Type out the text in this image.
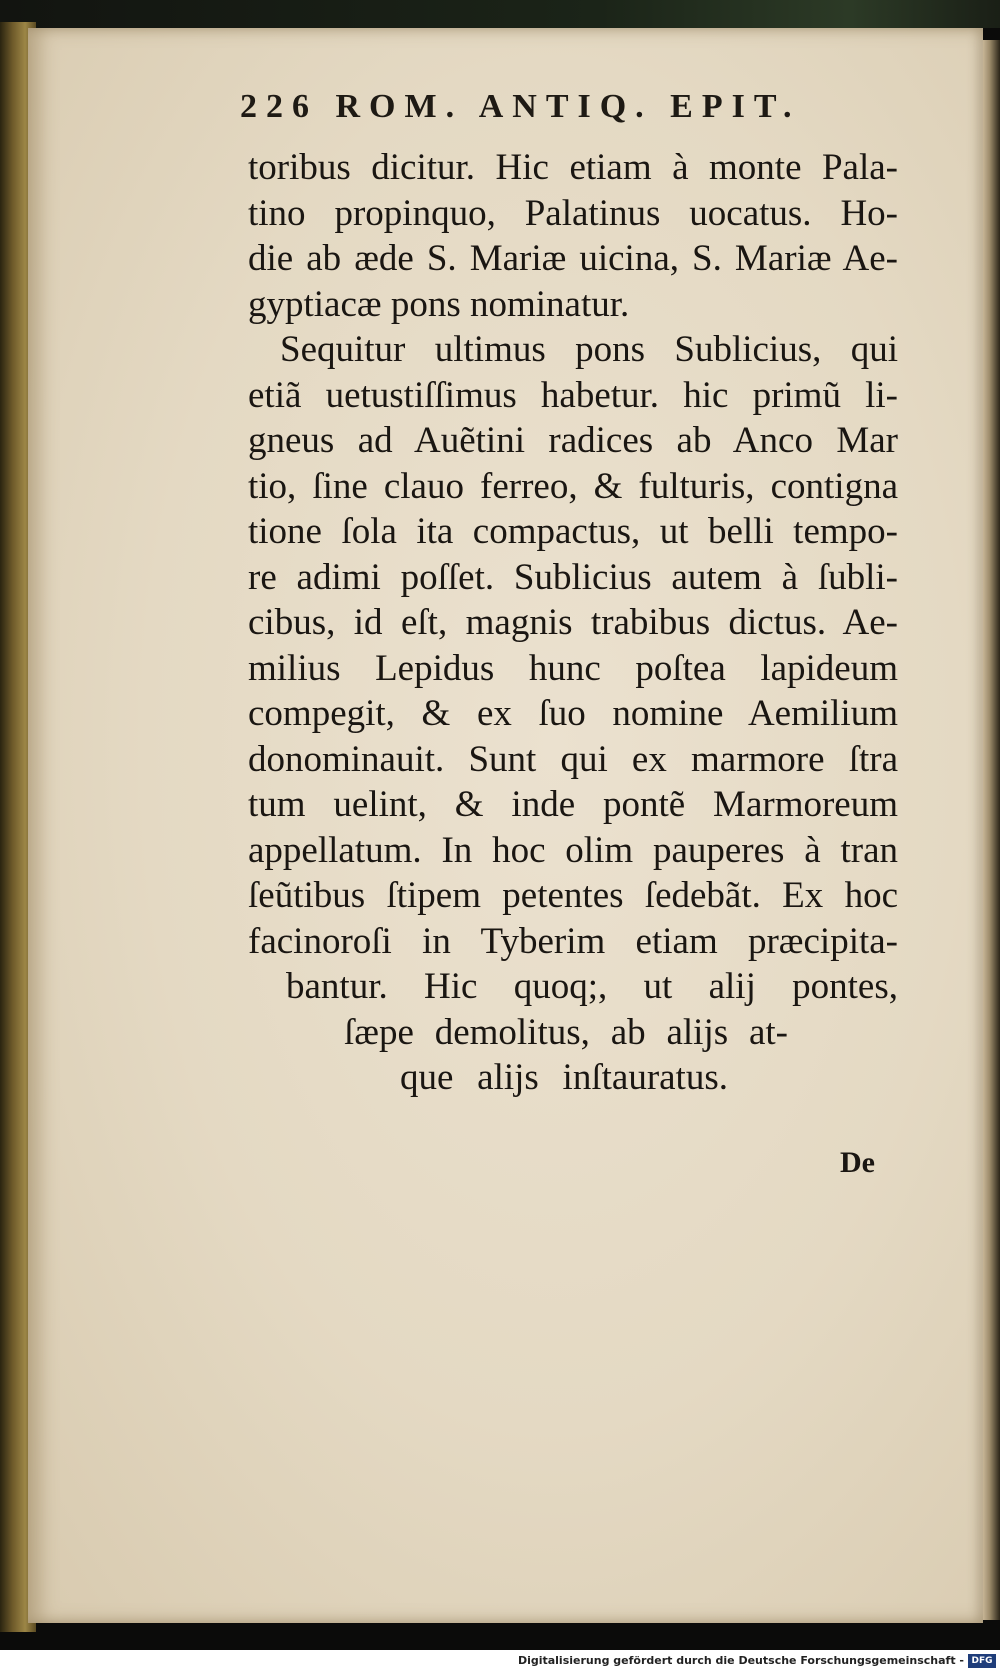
226 ROM. ANTIQ. EPIT.
toribus dicitur. Hic etiam à monte Pala-
tino propinquo, Palatinus uocatus. Ho-
die ab æde S. Mariæ uicina, S. Mariæ Ae-
gyptiacæ pons nominatur.
Sequitur ultimus pons Sublicius, qui
etiã uetustiſſimus habetur. hic primũ li-
gneus ad Auẽtini radices ab Anco Mar
tio, ſine clauo ferreo, & fulturis, contigna
tione ſola ita compactus, ut belli tempo-
re adimi poſſet. Sublicius autem à ſubli-
cibus, id eſt, magnis trabibus dictus. Ae-
milius Lepidus hunc poſtea lapideum
compegit, & ex ſuo nomine Aemilium
donominauit. Sunt qui ex marmore ſtra
tum uelint, & inde pontẽ Marmoreum
appellatum. In hoc olim pauperes à tran
ſeũtibus ſtipem petentes ſedebãt. Ex hoc
facinoroſi in Tyberim etiam præcipita-
bantur. Hic quoq;, ut alij pontes,
ſæpe demolitus, ab alijs at-
que alijs inſtauratus.
De
Digitalisierung gefördert durch die Deutsche Forschungsgemeinschaft - DFG
